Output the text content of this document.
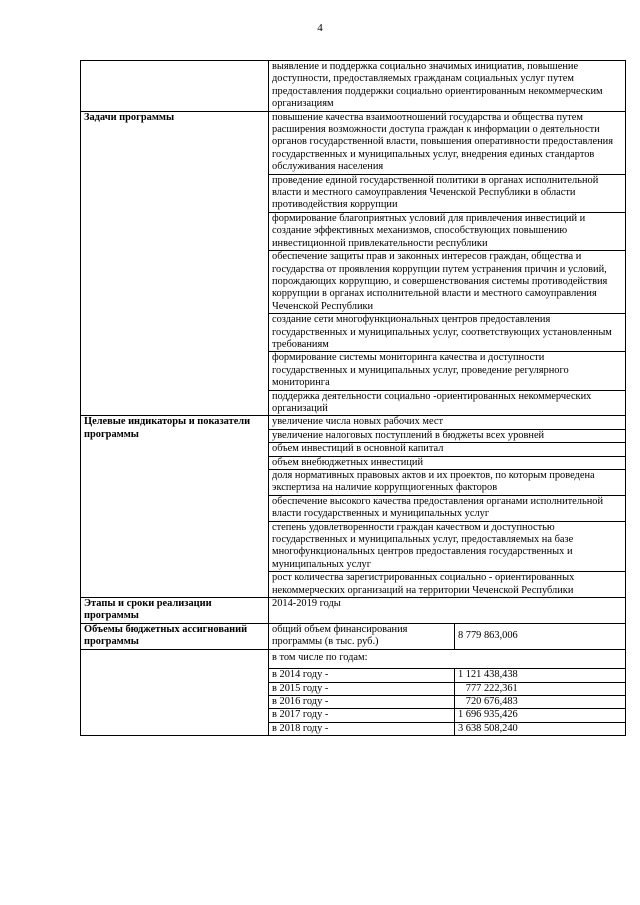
4
	выявление и поддержка социально значимых инициатив, повышение доступности, предоставляемых гражданам социальных услуг путем предоставления поддержки социально ориентированным некоммерческим организациям	
Задачи программы	повышение качества взаимоотношений государства и общества путем расширения возможности доступа граждан к информации о деятельности органов государственной власти, повышения оперативности предоставления государственных и муниципальных услуг, внедрения единых стандартов обслуживания населения	
	проведение единой государственной политики в органах исполнительной власти и местного самоуправления Чеченской Республики в области противодействия коррупции	
	формирование благоприятных условий для привлечения инвестиций и создание эффективных механизмов, способствующих повышению инвестиционной привлекательности республики	
	обеспечение защиты прав и законных интересов граждан, общества и государства от проявления коррупции путем устранения причин и условий, порождающих коррупцию, и совершенствования системы противодействия коррупции в органах исполнительной власти и местного самоуправления Чеченской Республики	
	создание сети многофункциональных центров предоставления государственных и муниципальных услуг, соответствующих установленным требованиям	
	формирование системы мониторинга качества и доступности государственных и муниципальных услуг, проведение регулярного мониторинга	
	поддержка деятельности социально -ориентированных некоммерческих организаций	
Целевые индикаторы и показатели программы	увеличение числа новых рабочих мест	
	увеличение налоговых поступлений в бюджеты всех уровней	
	объем инвестиций в основной капитал	
	объем внебюджетных инвестиций	
	доля нормативных правовых актов и их проектов, по которым проведена экспертиза на наличие коррупциогенных факторов	
	обеспечение высокого качества предоставления органами исполнительной власти государственных и муниципальных услуг	
	степень удовлетворенности граждан качеством и доступностью государственных и муниципальных услуг, предоставляемых на базе многофункциональных центров предоставления государственных и муниципальных услуг	
	рост количества зарегистрированных социально - ориентированных некоммерческих организаций на территории Чеченской Республики	
Этапы и сроки реализации программы	2014-2019 годы	
Объемы бюджетных ассигнований программы	общий объем финансирования программы (в тыс. руб.)	8 779 863,006
	в том числе по годам:	
	в 2014 году -	1 121 438,438
	в 2015 году -	777 222,361
	в 2016 году -	720 676,483
	в 2017 году -	1 696 935,426
	в 2018 году -	3 638 508,240
